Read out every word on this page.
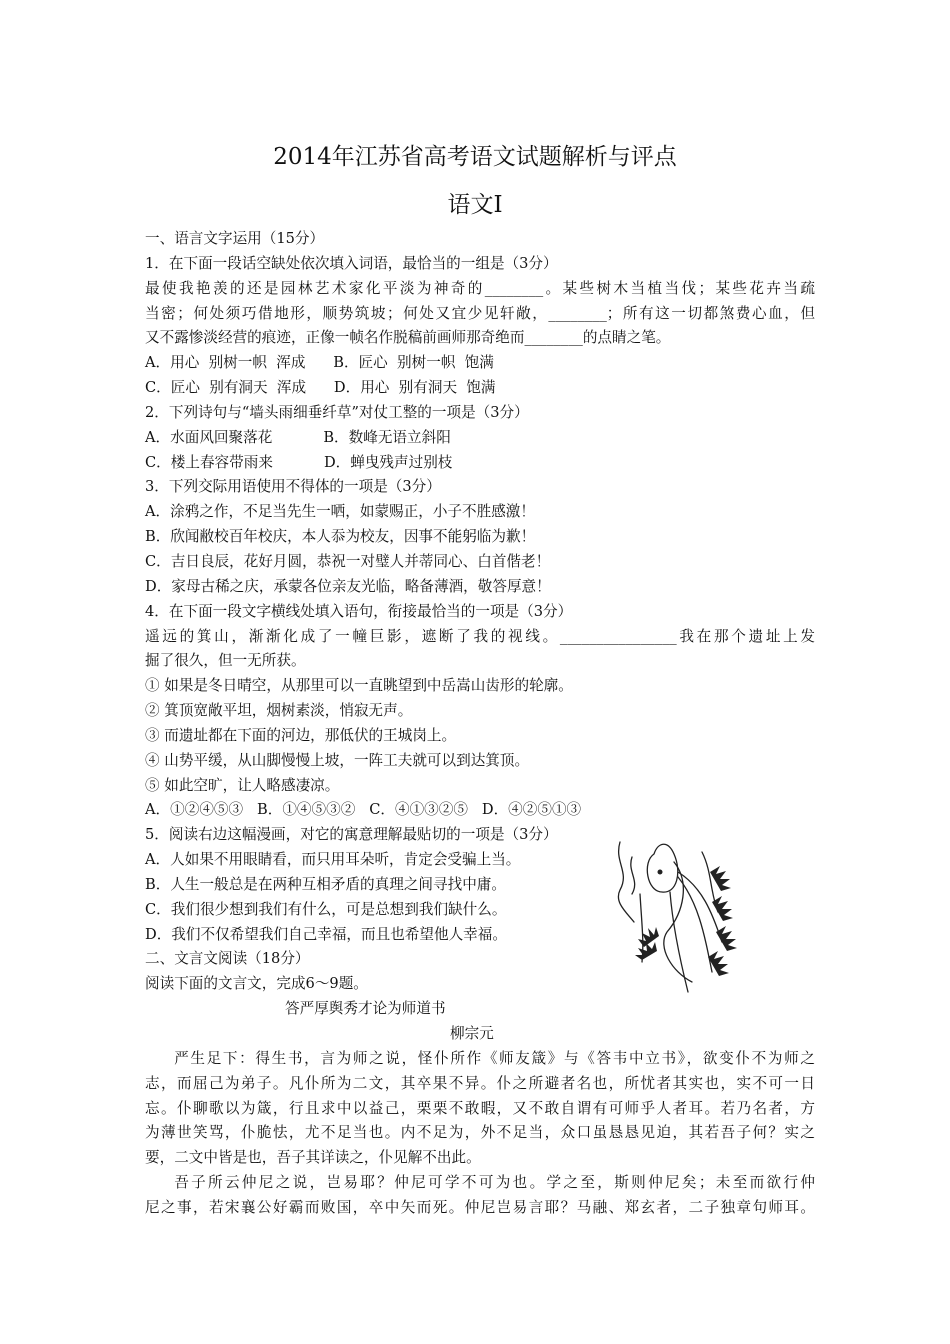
2014年江苏省高考语文试题解析与评点
语文Ⅰ
一、语言文字运用（15分）
1．在下面一段话空缺处依次填入词语，最恰当的一组是（3分）
最使我艳羡的还是园林艺术家化平淡为神奇的________。某些树木当植当伐；某些花卉当疏
当密；何处须巧借地形，顺势筑坡；何处又宜少见轩敞，________；所有这一切都煞费心血，但
又不露惨淡经营的痕迹，正像一帧名作脱稿前画师那奇绝而________的点睛之笔。
A．用心  别树一帜  浑成      B．匠心  别树一帜  饱满
C．匠心  别有洞天  浑成      D．用心  别有洞天  饱满
2．下列诗句与“墙头雨细垂纤草”对仗工整的一项是（3分）
A．水面风回聚落花           B．数峰无语立斜阳
C．楼上春容带雨来           D．蝉曳残声过别枝
3．下列交际用语使用不得体的一项是（3分）
A．涂鸦之作，不足当先生一哂，如蒙赐正，小子不胜感激！
B．欣闻敝校百年校庆，本人忝为校友，因事不能躬临为歉！
C．吉日良辰，花好月圆，恭祝一对璧人并蒂同心、白首偕老！
D．家母古稀之庆，承蒙各位亲友光临，略备薄酒，敬答厚意！
4．在下面一段文字横线处填入语句，衔接最恰当的一项是（3分）
遥远的箕山，渐渐化成了一幢巨影，遮断了我的视线。________________我在那个遗址上发
掘了很久，但一无所获。
① 如果是冬日晴空，从那里可以一直眺望到中岳嵩山齿形的轮廓。
② 箕顶宽敞平坦，烟树素淡，悄寂无声。
③ 而遗址都在下面的河边，那低伏的王城岗上。
④ 山势平缓，从山脚慢慢上坡，一阵工夫就可以到达箕顶。
⑤ 如此空旷，让人略感凄凉。
A．①②④⑤③   B．①④⑤③②   C．④①③②⑤   D．④②⑤①③
5．阅读右边这幅漫画，对它的寓意理解最贴切的一项是（3分）
A．人如果不用眼睛看，而只用耳朵听，肯定会受骗上当。
B．人生一般总是在两种互相矛盾的真理之间寻找中庸。
C．我们很少想到我们有什么，可是总想到我们缺什么。
D．我们不仅希望我们自己幸福，而且也希望他人幸福。
二、文言文阅读（18分）
阅读下面的文言文，完成6～9题。
答严厚舆秀才论为师道书
柳宗元
严生足下：得生书，言为师之说，怪仆所作《师友箴》与《答韦中立书》，欲变仆不为师之
志，而屈己为弟子。凡仆所为二文，其卒果不异。仆之所避者名也，所忧者其实也，实不可一日
忘。仆聊歌以为箴，行且求中以益己，栗栗不敢暇，又不敢自谓有可师乎人者耳。若乃名者，方
为薄世笑骂，仆脆怯，尤不足当也。内不足为，外不足当，众口虽恳恳见迫，其若吾子何？实之
要，二文中皆是也，吾子其详读之，仆见解不出此。
吾子所云仲尼之说，岂易耶？仲尼可学不可为也。学之至，斯则仲尼矣；未至而欲行仲
尼之事，若宋襄公好霸而败国，卒中矢而死。仲尼岂易言耶？马融、郑玄者，二子独章句师耳。
